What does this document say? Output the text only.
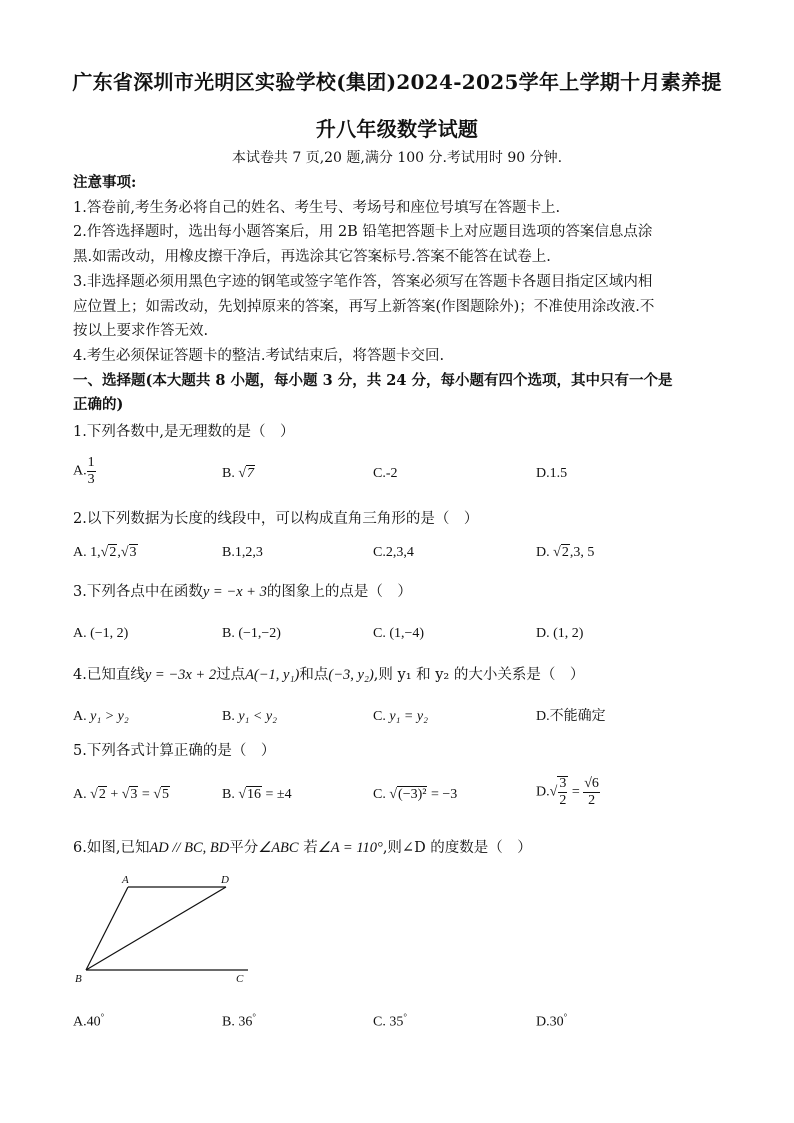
广东省深圳市光明区实验学校(集团)2024-2025学年上学期十月素养提
升八年级数学试题
本试卷共 7 页,20 题,满分 100 分.考试用时 90 分钟.
注意事项:
1.答卷前,考生务必将自己的姓名、考生号、考场号和座位号填写在答题卡上.
2.作答选择题时，选出每小题答案后，用 2B 铅笔把答题卡上对应题目选项的答案信息点涂
黑.如需改动，用橡皮擦干净后，再选涂其它答案标号.答案不能答在试卷上.
3.非选择题必须用黑色字迹的钢笔或签字笔作答，答案必须写在答题卡各题目指定区域内相
应位置上；如需改动，先划掉原来的答案，再写上新答案(作图题除外)；不准使用涂改液.不
按以上要求作答无效.
4.考生必须保证答题卡的整洁.考试结束后，将答题卡交回.
一、选择题(本大题共 8 小题，每小题 3 分，共 24 分，每小题有四个选项，其中只有一个是
正确的)
1.下列各数中,是无理数的是（　）
A. $\frac{1}{3}$	B. √7	C.-2	D.1.5
2.以下列数据为长度的线段中，可以构成直角三角形的是（　）
A. 1,√2,√3	B.1,2,3	C.2,3,4	D. √2,3, 5
3.下列各点中在函数y = −x + 3的图象上的点是（　）
A. (−1, 2)	B. (−1,−2)	C. (1,−4)	D. (1, 2)
4.已知直线y = −3x + 2过点A(−1, y₁)和点(−3, y₂),则 y₁ 和 y₂ 的大小关系是（　）
A. y₁ > y₂	B. y₁ < y₂	C. y₁ = y₂	D.不能确定
5.下列各式计算正确的是（　）
A. √2 + √3 = √5	B. √16 = ±4	C. √(−3)² = −3	$D.√ \frac{3}{2} = \frac{√6}{2}$
6.如图,已知AD // BC, BD平分∠ABC 若∠A = 110°,则∠D 的度数是（　）
A	D
B	C
A.40°	B. 36°	C. 35°	D.30°
